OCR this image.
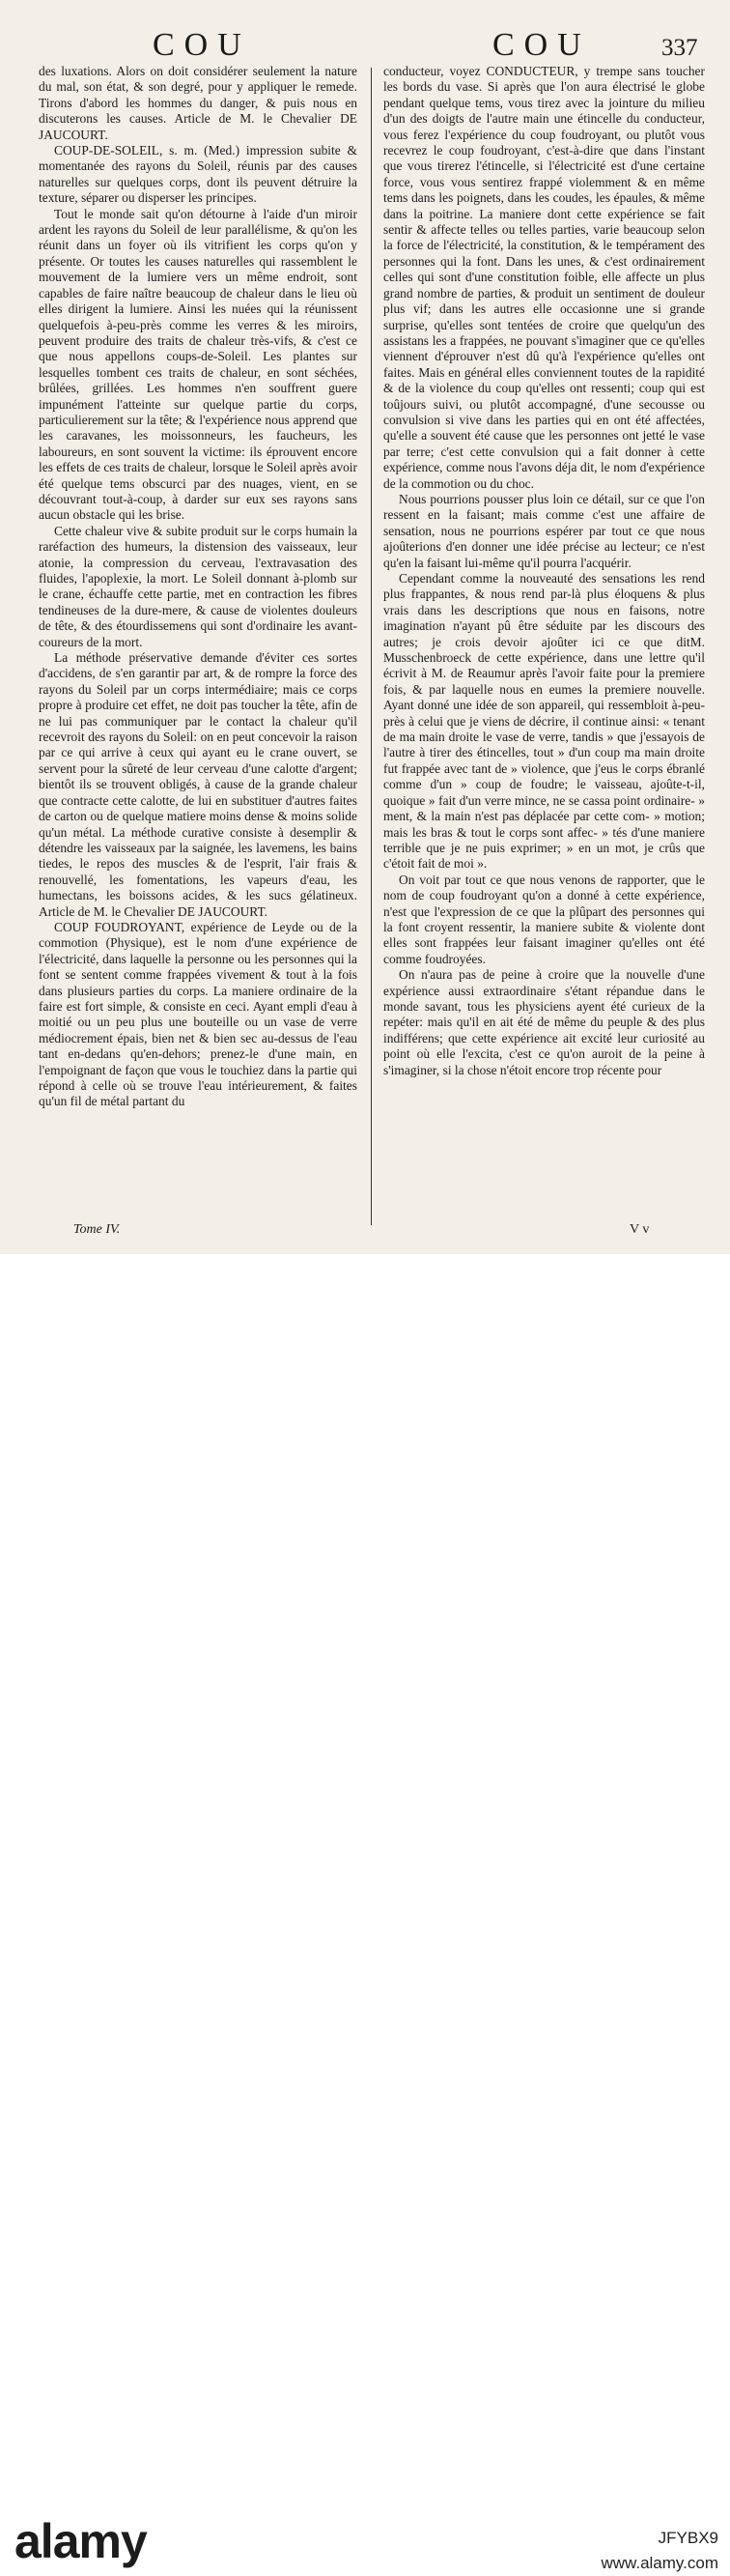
COU	COU	337

des luxations. Alors on doit considérer seulement la nature du mal, son état, & son degré, pour y appliquer le remede. Tirons d'abord les hommes du danger, & puis nous en discuterons les causes. Article de M. le Chevalier DE JAUCOURT.

COUP-DE-SOLEIL, s. m. (Med.) impression subite & momentanée des rayons du Soleil, réunis par des causes naturelles sur quelques corps, dont ils peuvent détruire la texture, séparer ou disperser les principes.

Tout le monde sait qu'on détourne à l'aide d'un miroir ardent les rayons du Soleil de leur parallélisme, & qu'on les réunit dans un foyer où ils vitrifient les corps qu'on y présente. Or toutes les causes naturelles qui rassemblent le mouvement de la lumiere vers un même endroit, sont capables de faire naître beaucoup de chaleur dans le lieu où elles dirigent la lumiere. Ainsi les nuées qui la réunissent quelquefois à-peu-près comme les verres & les miroirs, peuvent produire des traits de chaleur très-vifs, & c'est ce que nous appellons coups-de-Soleil. Les plantes sur lesquelles tombent ces traits de chaleur, en sont séchées, brûlées, grillées. Les hommes n'en souffrent guere impunément l'atteinte sur quelque partie du corps, particulierement sur la tête; & l'expérience nous apprend que les caravanes, les moissonneurs, les faucheurs, les laboureurs, en sont souvent la victime: ils éprouvent encore les effets de ces traits de chaleur, lorsque le Soleil après avoir été quelque tems obscurci par des nuages, vient, en se découvrant tout-à-coup, à darder sur eux ses rayons sans aucun obstacle qui les brise.

Cette chaleur vive & subite produit sur le corps humain la raréfaction des humeurs, la distension des vaisseaux, leur atonie, la compression du cerveau, l'extravasation des fluides, l'apoplexie, la mort. Le Soleil donnant à-plomb sur le crane, échauffe cette partie, met en contraction les fibres tendineuses de la dure-mere, & cause de violentes douleurs de tête, & des étourdissemens qui sont d'ordinaire les avant-coureurs de la mort.

La méthode préservative demande d'éviter ces sortes d'accidens, de s'en garantir par art, & de rompre la force des rayons du Soleil par un corps intermédiaire; mais ce corps propre à produire cet effet, ne doit pas toucher la tête, afin de ne lui pas communiquer par le contact la chaleur qu'il recevroit des rayons du Soleil: on en peut concevoir la raison par ce qui arrive à ceux qui ayant eu le crane ouvert, se servent pour la sûreté de leur cerveau d'une calotte d'argent; bientôt ils se trouvent obligés, à cause de la grande chaleur que contracte cette calotte, de lui en substituer d'autres faites de carton ou de quelque matiere moins dense & moins solide qu'un métal. La méthode curative consiste à desemplir & détendre les vaisseaux par la saignée, les lavemens, les bains tiedes, le repos des muscles & de l'esprit, l'air frais & renouvellé, les fomentations, les vapeurs d'eau, les humectans, les boissons acides, & les sucs gélatineux. Article de M. le Chevalier DE JAUCOURT.

COUP FOUDROYANT, expérience de Leyde ou de la commotion (Physique), est le nom d'une expérience de l'électricité, dans laquelle la personne ou les personnes qui la font se sentent comme frappées vivement & tout à la fois dans plusieurs parties du corps. La maniere ordinaire de la faire est fort simple, & consiste en ceci. Ayant empli d'eau à moitié ou un peu plus une bouteille ou un vase de verre médiocrement épais, bien net & bien sec au-dessus de l'eau tant en-dedans qu'en-dehors; prenez-le d'une main, en l'empoignant de façon que vous le touchiez dans la partie qui répond à celle où se trouve l'eau intérieurement, & faites qu'un fil de métal partant du

conducteur, voyez CONDUCTEUR, y trempe sans toucher les bords du vase. Si après que l'on aura électrisé le globe pendant quelque tems, vous tirez avec la jointure du milieu d'un des doigts de l'autre main une étincelle du conducteur, vous ferez l'expérience du coup foudroyant, ou plutôt vous recevrez le coup foudroyant, c'est-à-dire que dans l'instant que vous tirerez l'étincelle, si l'électricité est d'une certaine force, vous vous sentirez frappé violemment & en même tems dans les poignets, dans les coudes, les épaules, & même dans la poitrine. La maniere dont cette expérience se fait sentir & affecte telles ou telles parties, varie beaucoup selon la force de l'électricité, la constitution, & le tempérament des personnes qui la font. Dans les unes, & c'est ordinairement celles qui sont d'une constitution foible, elle affecte un plus grand nombre de parties, & produit un sentiment de douleur plus vif; dans les autres elle occasionne une si grande surprise, qu'elles sont tentées de croire que quelqu'un des assistans les a frappées, ne pouvant s'imaginer que ce qu'elles viennent d'éprouver n'est dû qu'à l'expérience qu'elles ont faites. Mais en général elles conviennent toutes de la rapidité & de la violence du coup qu'elles ont ressenti; coup qui est toûjours suivi, ou plutôt accompagné, d'une secousse ou convulsion si vive dans les parties qui en ont été affectées, qu'elle a souvent été cause que les personnes ont jetté le vase par terre; c'est cette convulsion qui a fait donner à cette expérience, comme nous l'avons déja dit, le nom d'expérience de la commotion ou du choc.

Nous pourrions pousser plus loin ce détail, sur ce que l'on ressent en la faisant; mais comme c'est une affaire de sensation, nous ne pourrions espérer par tout ce que nous ajoûterions d'en donner une idée précise au lecteur; ce n'est qu'en la faisant lui-même qu'il pourra l'acquérir.

Cependant comme la nouveauté des sensations les rend plus frappantes, & nous rend par-là plus éloquens & plus vrais dans les descriptions que nous en faisons, notre imagination n'ayant pû être séduite par les discours des autres; je crois devoir ajoûter ici ce que ditM. Musschenbroeck de cette expérience, dans une lettre qu'il écrivit à M. de Reaumur après l'avoir faite pour la premiere fois, & par laquelle nous en eumes la premiere nouvelle. Ayant donné une idée de son appareil, qui ressembloit à-peu-près à celui que je viens de décrire, il continue ainsi: « tenant de ma main droite le vase de verre, tandis » que j'essayois de l'autre à tirer des étincelles, tout » d'un coup ma main droite fut frappée avec tant de » violence, que j'eus le corps ébranlé comme d'un » coup de foudre; le vaisseau, ajoûte-t-il, quoique » fait d'un verre mince, ne se cassa point ordinaire- » ment, & la main n'est pas déplacée par cette com- » motion; mais les bras & tout le corps sont affec- » tés d'une maniere terrible que je ne puis exprimer; » en un mot, je crûs que c'étoit fait de moi ».

On voit par tout ce que nous venons de rapporter, que le nom de coup foudroyant qu'on a donné à cette expérience, n'est que l'expression de ce que la plûpart des personnes qui la font croyent ressentir, la maniere subite & violente dont elles sont frappées leur faisant imaginer qu'elles ont été comme foudroyées.

On n'aura pas de peine à croire que la nouvelle d'une expérience aussi extraordinaire s'étant répandue dans le monde savant, tous les physiciens ayent été curieux de la repéter: mais qu'il en ait été de même du peuple & des plus indifférens; que cette expérience ait excité leur curiosité au point où elle l'excita, c'est ce qu'on auroit de la peine à s'imaginer, si la chose n'étoit encore trop récente pour

Tome IV.	V v
alamy	JFYBX9
www.alamy.com
